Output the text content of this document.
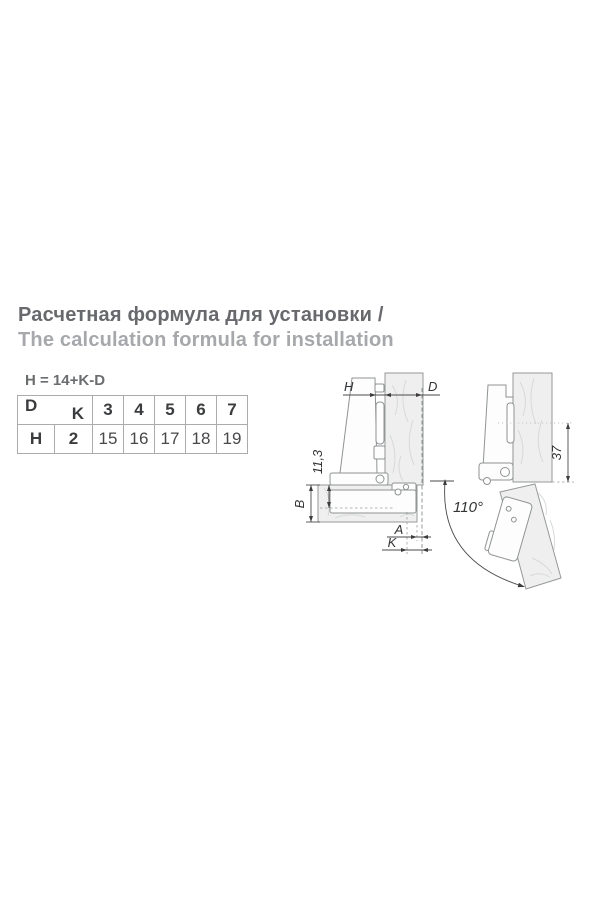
Расчетная формула для установки /
The calculation formula for installation
H = 14+K-D
D K		3	4	5	6	7
H	2	15	16	17	18	19
H	D
11,3
B
A
K
37
110°
